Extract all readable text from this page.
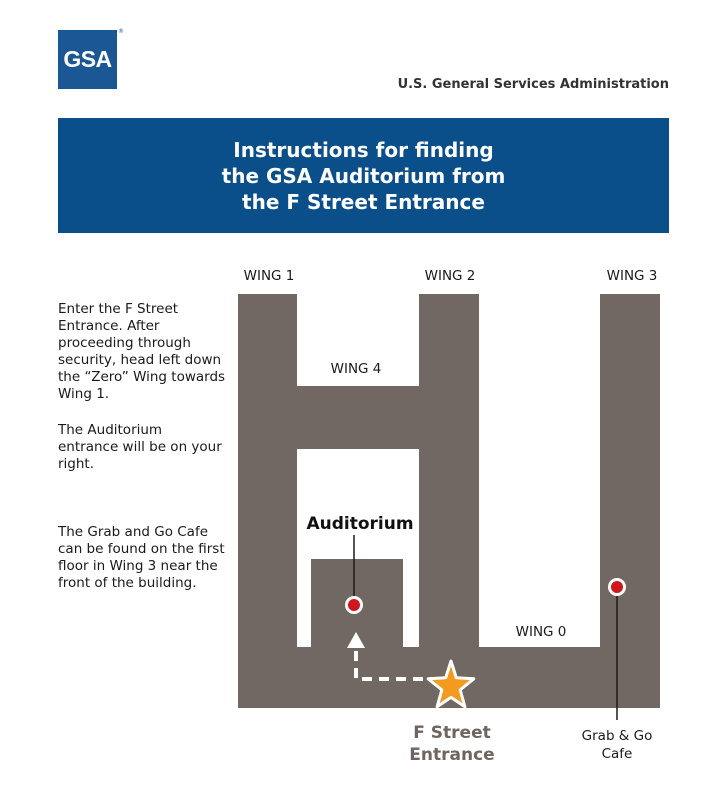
GSA
®
U.S. General Services Administration
Instructions for finding
the GSA Auditorium from
the F Street Entrance
Enter the F Street
Entrance. After
proceeding through
security, head left down
the “Zero” Wing towards
Wing 1.
The Auditorium
entrance will be on your
right.
The Grab and Go Cafe
can be found on the first
floor in Wing 3 near the
front of the building.
WING 1	WING 2	WING 3
WING 4
WING 0
Auditorium
F Street
Entrance
Grab & Go
Cafe
